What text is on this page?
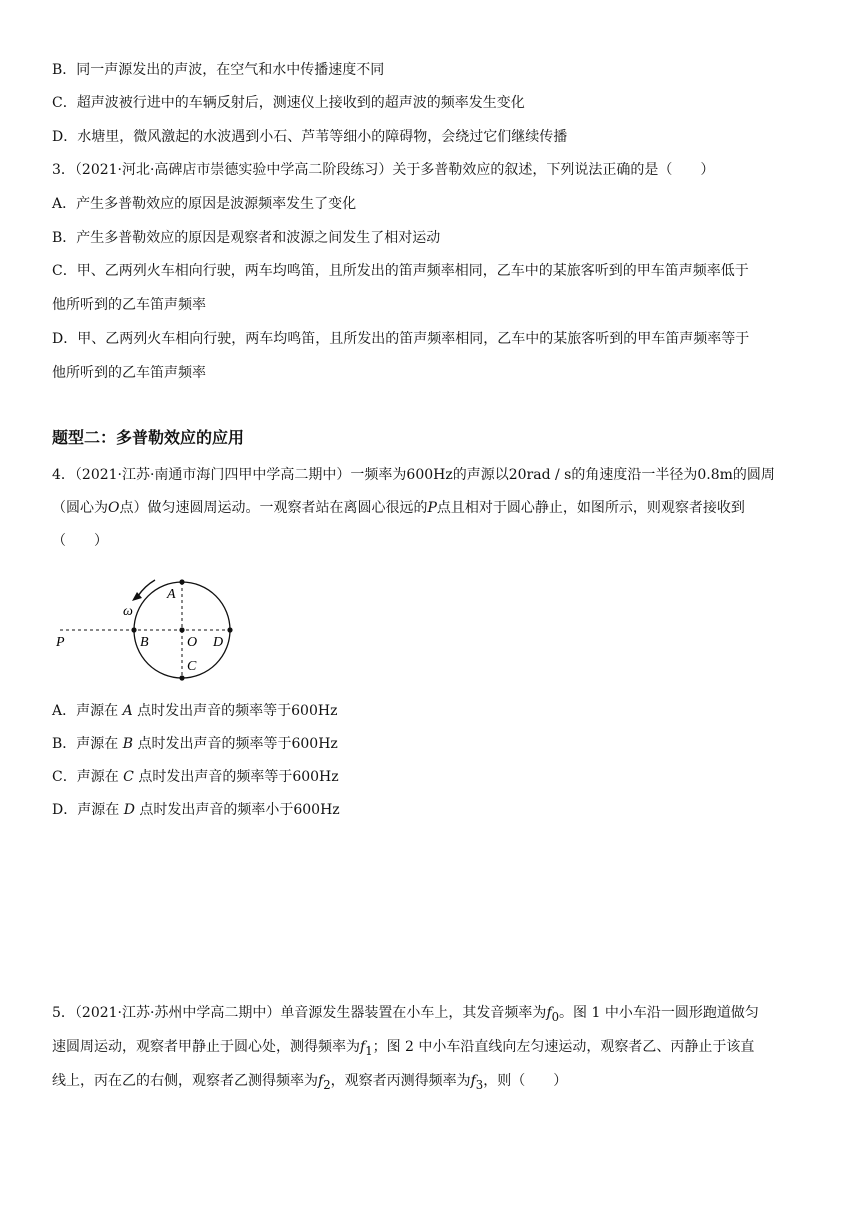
B．同一声源发出的声波，在空气和水中传播速度不同
C．超声波被行进中的车辆反射后，测速仪上接收到的超声波的频率发生变化
D．水塘里，微风激起的水波遇到小石、芦苇等细小的障碍物，会绕过它们继续传播
3．（2021·河北·高碑店市崇德实验中学高二阶段练习）关于多普勒效应的叙述，下列说法正确的是（　　）
A．产生多普勒效应的原因是波源频率发生了变化
B．产生多普勒效应的原因是观察者和波源之间发生了相对运动
C．甲、乙两列火车相向行驶，两车均鸣笛，且所发出的笛声频率相同，乙车中的某旅客听到的甲车笛声频率低于
他所听到的乙车笛声频率
D．甲、乙两列火车相向行驶，两车均鸣笛，且所发出的笛声频率相同，乙车中的某旅客听到的甲车笛声频率等于
他所听到的乙车笛声频率
题型二：多普勒效应的应用
4．（2021·江苏·南通市海门四甲中学高二期中）一频率为600Hz的声源以20rad / s的角速度沿一半径为0.8m的圆周
（圆心为O点）做匀速圆周运动。一观察者站在离圆心很远的P点且相对于圆心静止，如图所示，则观察者接收到
（　　）
ω
A
B	O D
C
P
A．声源在 A 点时发出声音的频率等于600Hz
B．声源在 B 点时发出声音的频率等于600Hz
C．声源在 C 点时发出声音的频率等于600Hz
D．声源在 D 点时发出声音的频率小于600Hz
5．（2021·江苏·苏州中学高二期中）单音源发生器装置在小车上，其发音频率为$f_0$。图 1 中小车沿一圆形跑道做匀
速圆周运动，观察者甲静止于圆心处，测得频率为$f_1$；图 2 中小车沿直线向左匀速运动，观察者乙、丙静止于该直
线上，丙在乙的右侧，观察者乙测得频率为$f_2$，观察者丙测得频率为$f_3$，则（　　）
